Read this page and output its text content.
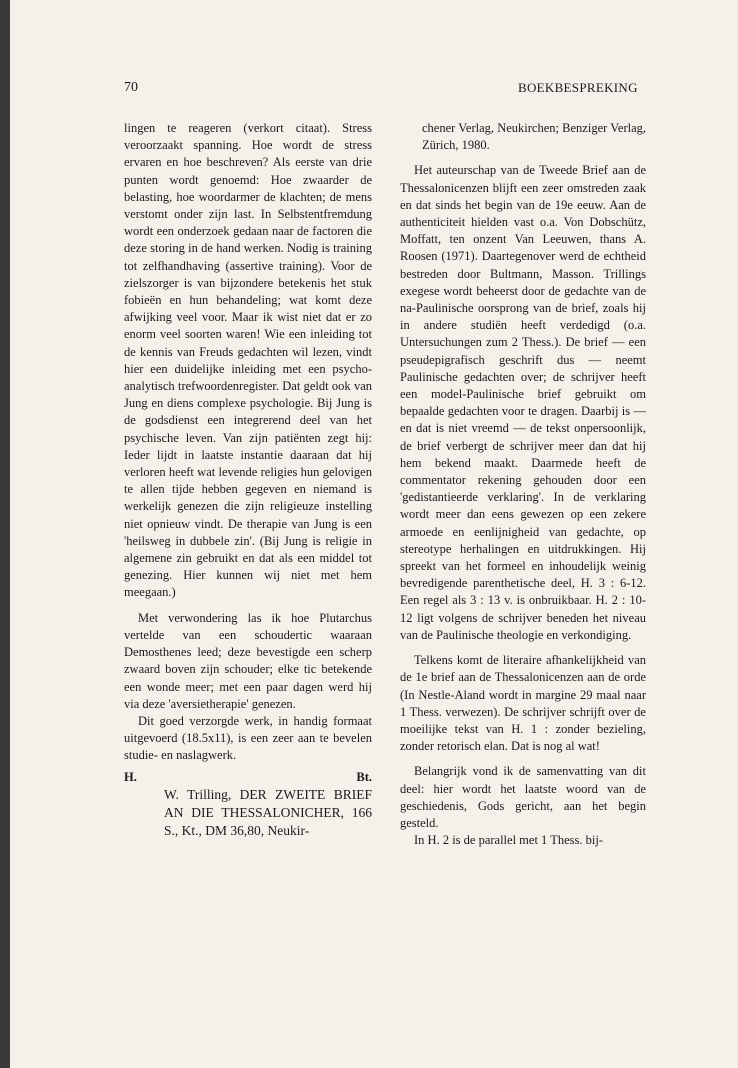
70	BOEKBESPREKING

lingen te reageren (verkort citaat). Stress veroorzaakt spanning. Hoe wordt de stress ervaren en hoe beschreven? Als eerste van drie punten wordt genoemd: Hoe zwaarder de belasting, hoe woordarmer de klachten; de mens verstomt onder zijn last. In Selbstentfremdung wordt een onderzoek gedaan naar de factoren die deze storing in de hand werken. Nodig is training tot zelfhandhaving (assertive training). Voor de zielszorger is van bijzondere betekenis het stuk fobieën en hun behandeling; wat komt deze afwijking veel voor. Maar ik wist niet dat er zo enorm veel soorten waren! Wie een inleiding tot de kennis van Freuds gedachten wil lezen, vindt hier een duidelijke inleiding met een psycho-analytisch trefwoordenregister. Dat geldt ook van Jung en diens complexe psychologie. Bij Jung is de godsdienst een integrerend deel van het psychische leven. Van zijn patiënten zegt hij: Ieder lijdt in laatste instantie daaraan dat hij verloren heeft wat levende religies hun gelovigen te allen tijde hebben gegeven en niemand is werkelijk genezen die zijn religieuze instelling niet opnieuw vindt. De therapie van Jung is een 'heilsweg in dubbele zin'. (Bij Jung is religie in algemene zin gebruikt en dat als een middel tot genezing. Hier kunnen wij niet met hem meegaan.)

Met verwondering las ik hoe Plutarchus vertelde van een schoudertic waaraan Demosthenes leed; deze bevestigde een scherp zwaard boven zijn schouder; elke tic betekende een wonde meer; met een paar dagen werd hij via deze 'aversietherapie' genezen.

Dit goed verzorgde werk, in handig formaat uitgevoerd (18.5x11), is een zeer aan te bevelen studie- en naslagwerk.

H.	Bt.

W. Trilling, DER ZWEITE BRIEF AN DIE THESSALONICHER, 166 S., Kt., DM 36,80, Neukir-

chener Verlag, Neukirchen; Benziger Verlag, Zürich, 1980.

Het auteurschap van de Tweede Brief aan de Thessalonicenzen blijft een zeer omstreden zaak en dat sinds het begin van de 19e eeuw. Aan de authenticiteit hielden vast o.a. Von Dobschütz, Moffatt, ten onzent Van Leeuwen, thans A. Roosen (1971). Daartegenover werd de echtheid bestreden door Bultmann, Masson. Trillings exegese wordt beheerst door de gedachte van de na-Paulinische oorsprong van de brief, zoals hij in andere studiën heeft verdedigd (o.a. Untersuchungen zum 2 Thess.). De brief — een pseudepigrafisch geschrift dus — neemt Paulinische gedachten over; de schrijver heeft een model-Paulinische brief gebruikt om bepaalde gedachten voor te dragen. Daarbij is — en dat is niet vreemd — de tekst onpersoonlijk, de brief verbergt de schrijver meer dan dat hij hem bekend maakt. Daarmede heeft de commentator rekening gehouden door een 'gedistantieerde verklaring'. In de verklaring wordt meer dan eens gewezen op een zekere armoede en eenlijnigheid van gedachte, op stereotype herhalingen en uitdrukkingen. Hij spreekt van het formeel en inhoudelijk weinig bevredigende parenthetische deel, H. 3 : 6-12. Een regel als 3 : 13 v. is onbruikbaar. H. 2 : 10-12 ligt volgens de schrijver beneden het niveau van de Paulinische theologie en verkondiging.

Telkens komt de literaire afhankelijkheid van de 1e brief aan de Thessalonicenzen aan de orde (In Nestle-Aland wordt in margine 29 maal naar 1 Thess. verwezen). De schrijver schrijft over de moeilijke tekst van H. 1 : zonder bezieling, zonder retorisch elan. Dat is nog al wat!

Belangrijk vond ik de samenvatting van dit deel: hier wordt het laatste woord van de geschiedenis, Gods gericht, aan het begin gesteld.

In H. 2 is de parallel met 1 Thess. bij-
